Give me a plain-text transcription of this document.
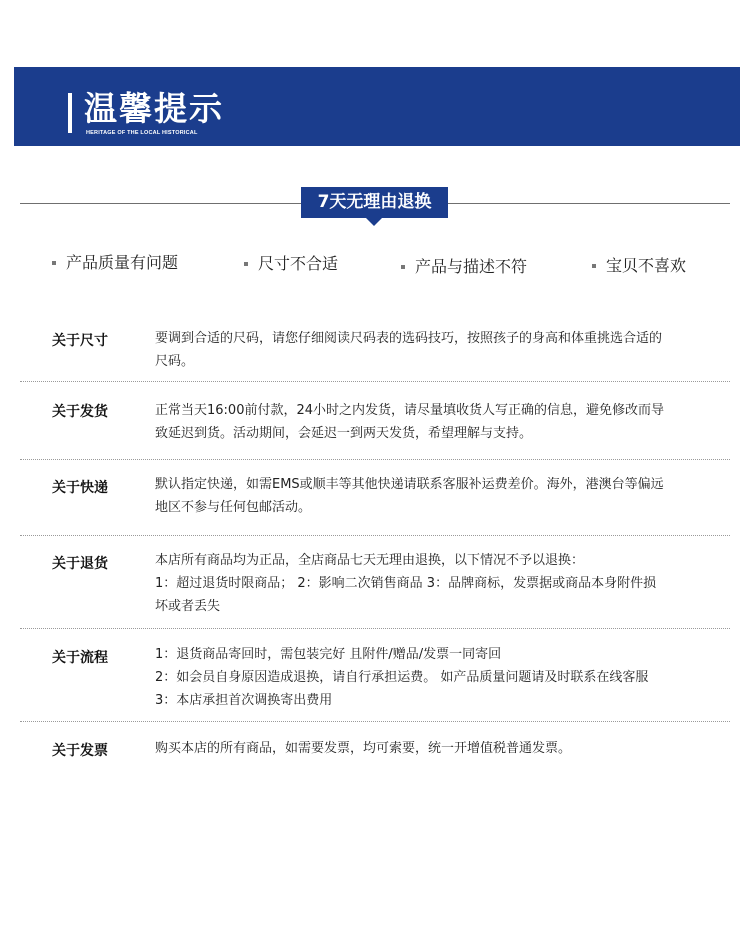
温馨提示
HERITAGE OF THE LOCAL HISTORICAL
7天无理由退换
产品质量有问题	尺寸不合适	产品与描述不符	宝贝不喜欢
关于尺寸	要调到合适的尺码，请您仔细阅读尺码表的选码技巧，按照孩子的身高和体重挑选合适的

尺码。

关于发货	正常当天16:00前付款，24小时之内发货，请尽量填收货人写正确的信息，避免修改而导

致延迟到货。活动期间，会延迟一到两天发货，希望理解与支持。

关于快递	默认指定快递，如需EMS或顺丰等其他快递请联系客服补运费差价。海外，港澳台等偏远

地区不参与任何包邮活动。

关于退货	本店所有商品均为正品，全店商品七天无理由退换，以下情况不予以退换：

1：超过退货时限商品； 2：影响二次销售商品 3：品牌商标，发票据或商品本身附件损

坏或者丢失

关于流程	1：退货商品寄回时，需包装完好 且附件/赠品/发票一同寄回

2：如会员自身原因造成退换，请自行承担运费。 如产品质量问题请及时联系在线客服

3：本店承担首次调换寄出费用

关于发票	购买本店的所有商品，如需要发票，均可索要，统一开增值税普通发票。
